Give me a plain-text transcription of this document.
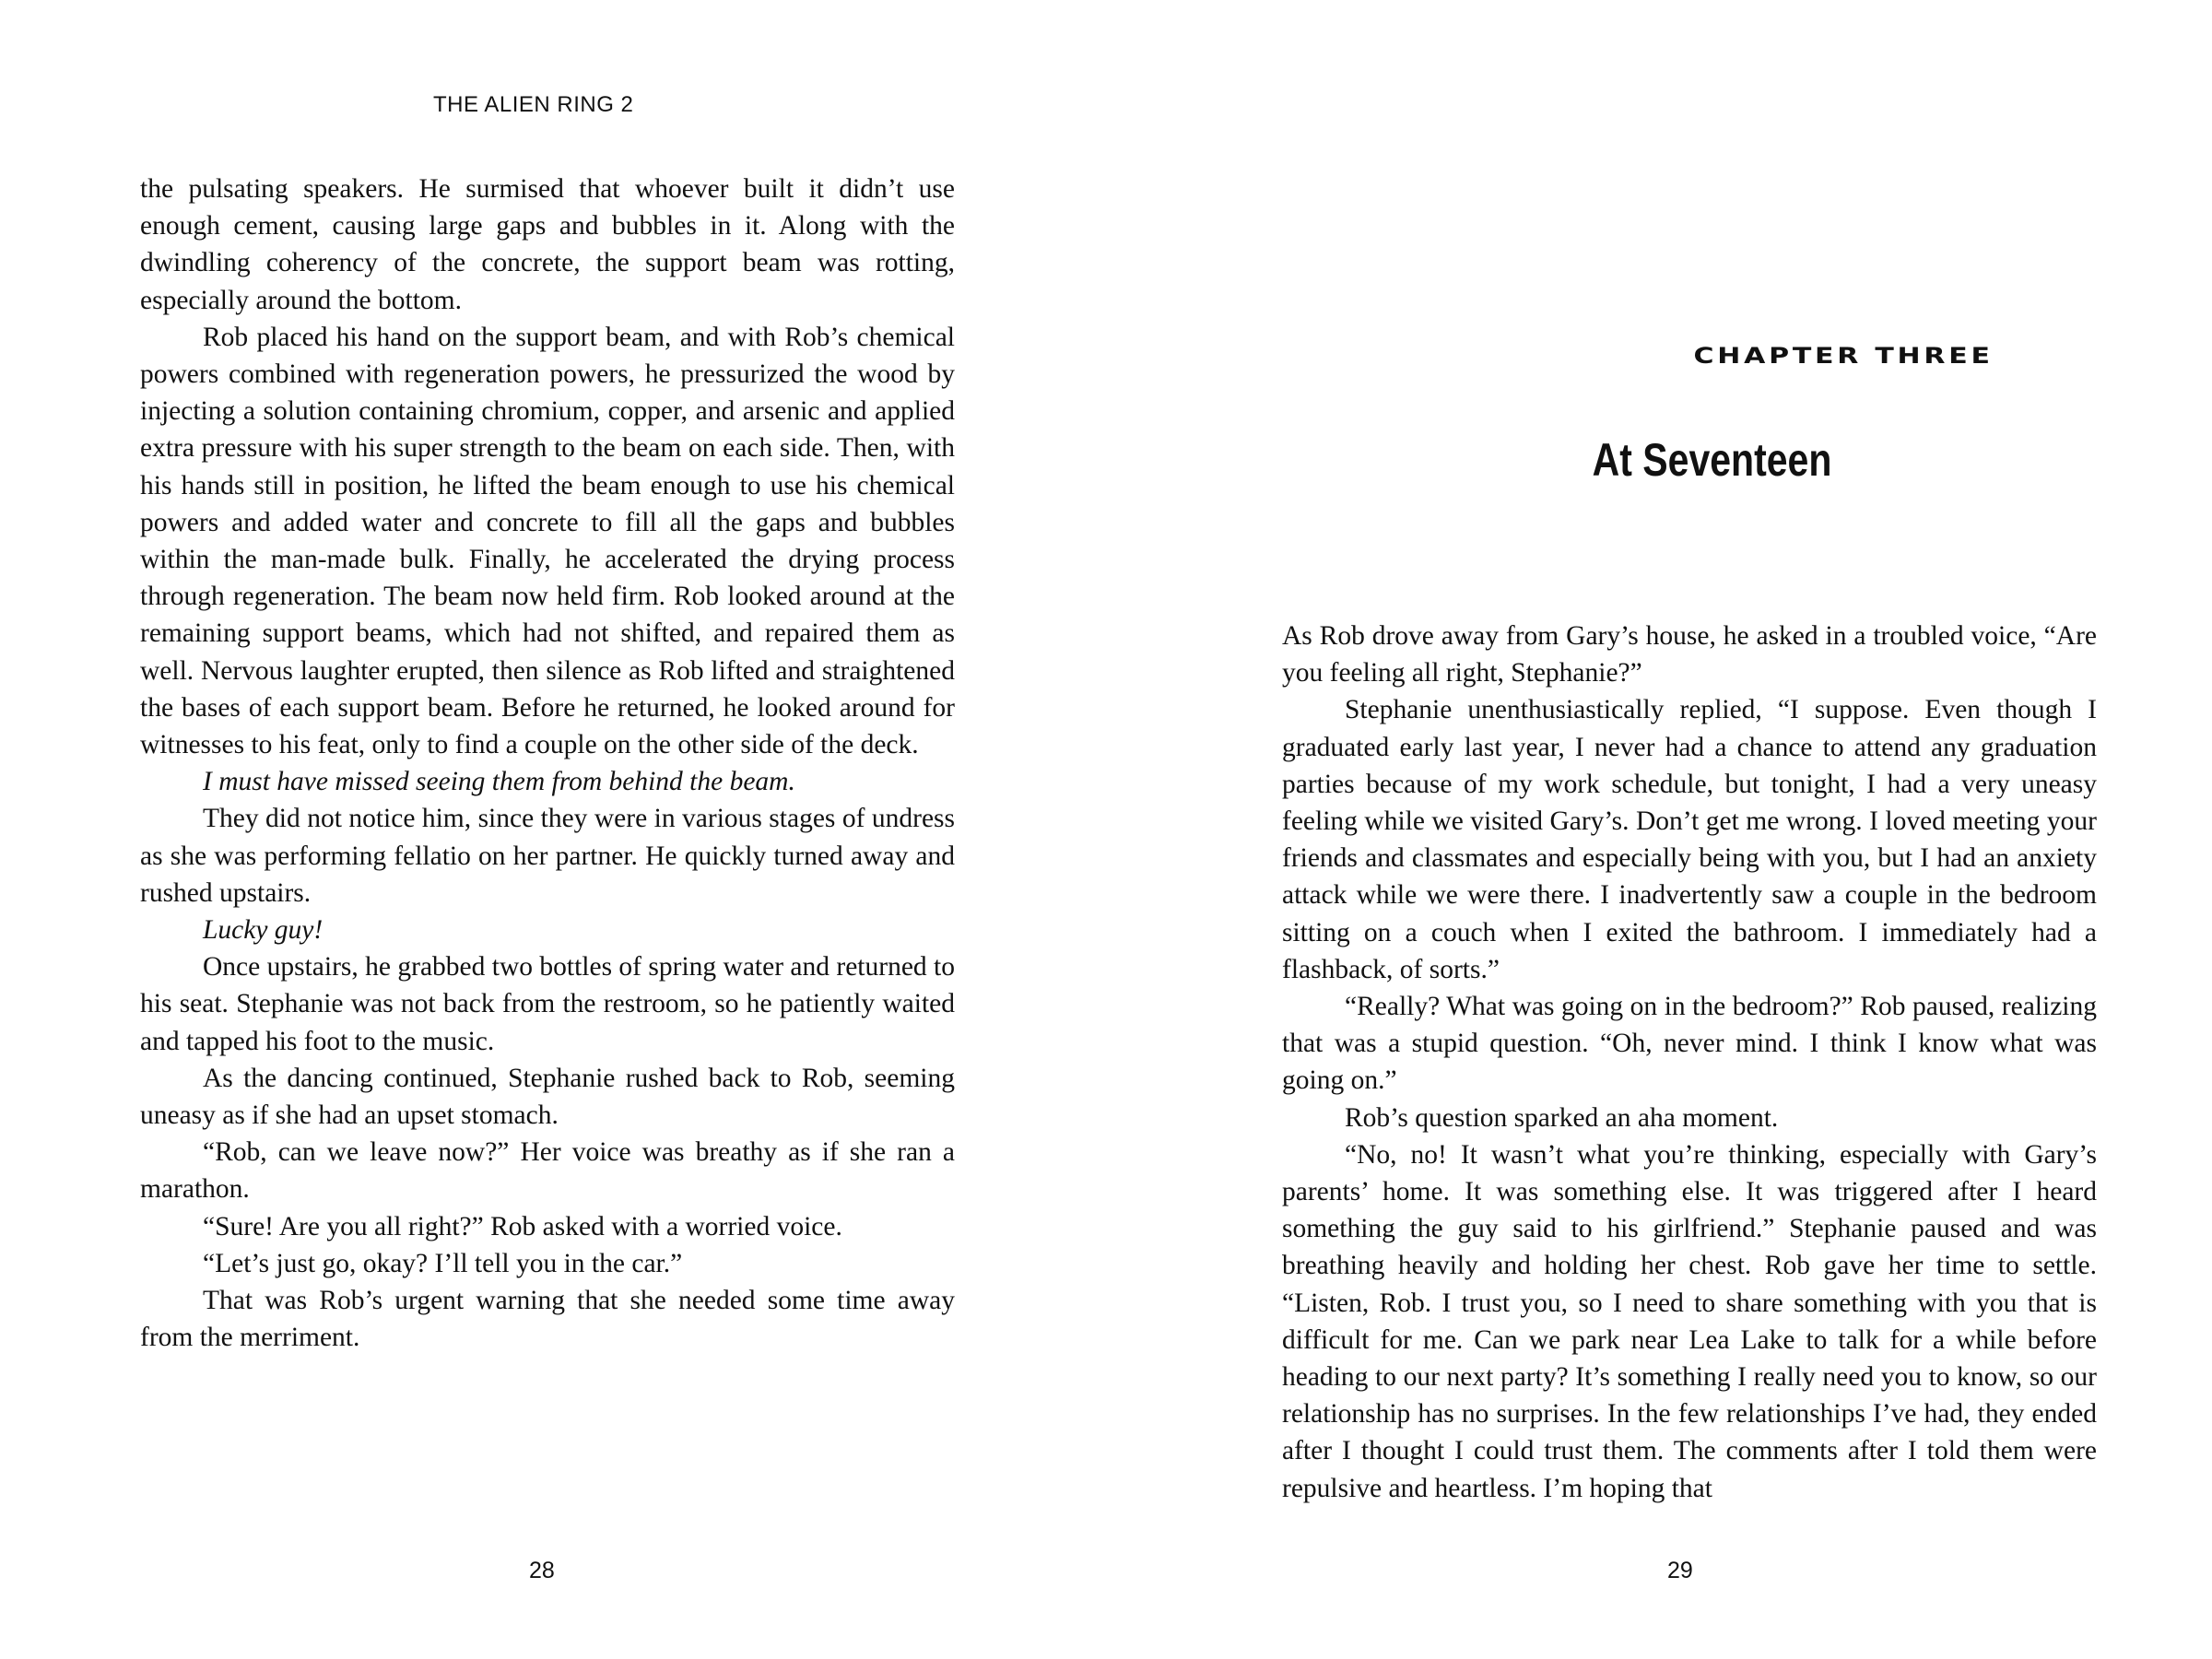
THE ALIEN RING 2

the pulsating speakers. He surmised that whoever built it didn’t use enough cement, causing large gaps and bubbles in it. Along with the dwindling coherency of the concrete, the support beam was rotting, especially around the bottom.

Rob placed his hand on the support beam, and with Rob’s chemical powers combined with regeneration powers, he pressurized the wood by injecting a solution containing chromium, copper, and arsenic and applied extra pressure with his super strength to the beam on each side. Then, with his hands still in position, he lifted the beam enough to use his chemical powers and added water and concrete to fill all the gaps and bubbles within the man-made bulk. Finally, he accelerated the drying process through regeneration. The beam now held firm. Rob looked around at the remaining support beams, which had not shifted, and repaired them as well. Nervous laughter erupted, then silence as Rob lifted and straightened the bases of each support beam. Before he returned, he looked around for witnesses to his feat, only to find a couple on the other side of the deck.

I must have missed seeing them from behind the beam.

They did not notice him, since they were in various stages of undress as she was performing fellatio on her partner. He quickly turned away and rushed upstairs.

Lucky guy!

Once upstairs, he grabbed two bottles of spring water and returned to his seat. Stephanie was not back from the restroom, so he patiently waited and tapped his foot to the music.

As the dancing continued, Stephanie rushed back to Rob, seeming uneasy as if she had an upset stomach.

“Rob, can we leave now?” Her voice was breathy as if she ran a marathon.

“Sure! Are you all right?” Rob asked with a worried voice.

“Let’s just go, okay? I’ll tell you in the car.”

That was Rob’s urgent warning that she needed some time away from the merriment.

28
CHAPTER THREE
At Seventeen

As Rob drove away from Gary’s house, he asked in a troubled voice, “Are you feeling all right, Stephanie?”

Stephanie unenthusiastically replied, “I suppose. Even though I graduated early last year, I never had a chance to attend any graduation parties because of my work schedule, but tonight, I had a very uneasy feeling while we visited Gary’s. Don’t get me wrong. I loved meeting your friends and classmates and especially being with you, but I had an anxiety attack while we were there. I inadvertently saw a couple in the bedroom sitting on a couch when I exited the bathroom. I immediately had a flashback, of sorts.”

“Really? What was going on in the bedroom?” Rob paused, realizing that was a stupid question. “Oh, never mind. I think I know what was going on.”

Rob’s question sparked an aha moment.

“No, no! It wasn’t what you’re thinking, especially with Gary’s parents’ home. It was something else. It was triggered after I heard something the guy said to his girlfriend.” Stephanie paused and was breathing heavily and holding her chest. Rob gave her time to settle. “Listen, Rob. I trust you, so I need to share something with you that is difficult for me. Can we park near Lea Lake to talk for a while before heading to our next party? It’s something I really need you to know, so our relationship has no surprises. In the few relationships I’ve had, they ended after I thought I could trust them. The comments after I told them were repulsive and heartless. I’m hoping that

29
